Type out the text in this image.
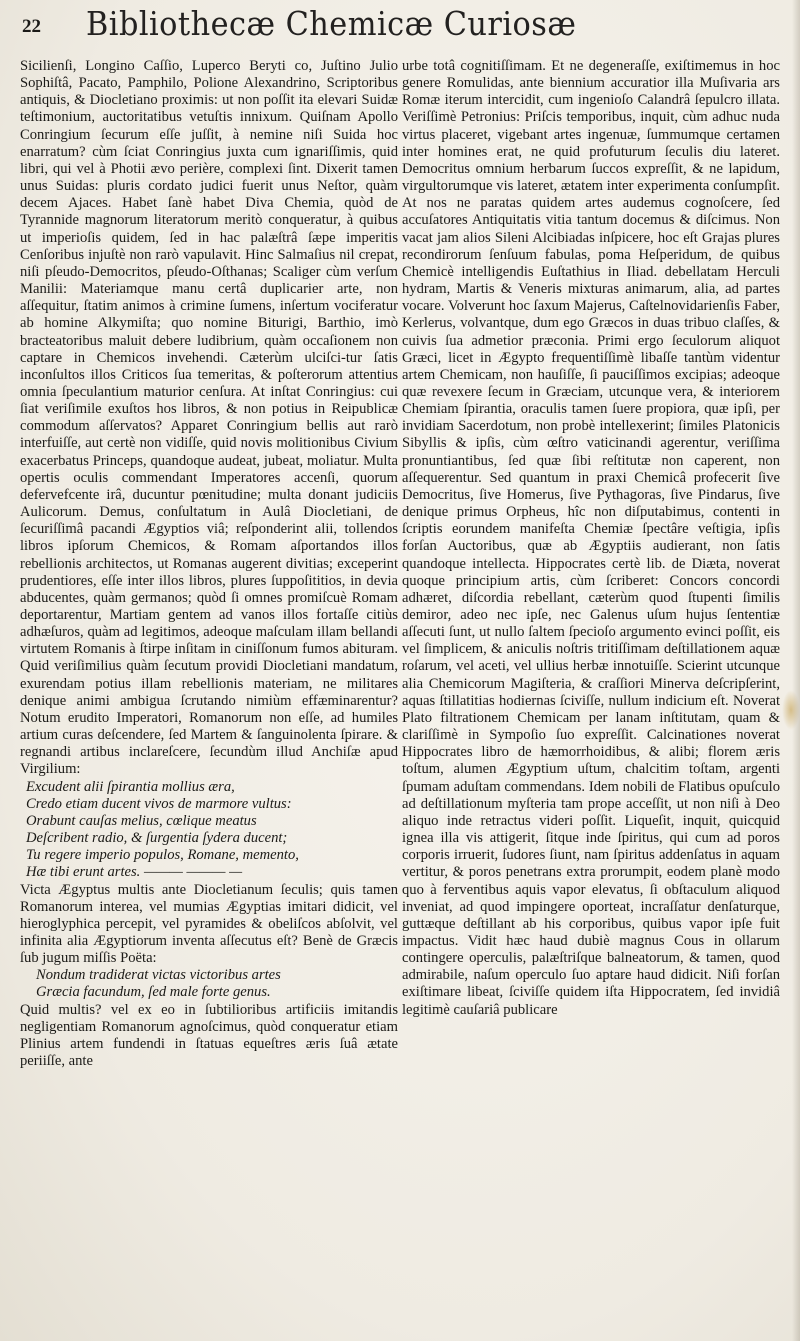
22 Bibliothecæ Chemicæ Curiosæ

Sicilienſi, Longino Caſſio, Luperco Beryti co, Juſtino Julio Sophiſtâ, Pacato, Pamphilo, Polione Alexandrino, Scriptoribus antiquis, & Diocletiano proximis: ut non poſſit ita elevari Suidæ teſtimonium, auctoritatibus vetuſtis innixum. Quiſnam Apollo Conringium ſecurum eſſe juſſit, à nemine niſi Suida hoc enarratum? cùm ſciat Conringius juxta cum ignariſſimis, quid libri, qui vel à Photii ævo perière, complexi ſint. Dixerit tamen unus Suidas: pluris cordato judici fuerit unus Neſtor, quàm decem Ajaces. Habet ſanè habet Diva Chemia, quòd de Tyrannide magnorum literatorum meritò conqueratur, à quibus ut imperioſis quidem, ſed in hac palæſtrâ ſæpe imperitis Cenſoribus injuſtè non rarò vapulavit. Hinc Salmaſius nil crepat, niſi pſeudo-Democritos, pſeudo-Oſthanas; Scaliger cùm verſum Manilii: Materiamque manu certâ duplicarier arte, non aſſequitur, ſtatim animos à crimine ſumens, inſertum vociferatur ab homine Alkymiſta; quo nomine Biturigi, Barthio, imò bracteatoribus maluit debere ludibrium, quàm occaſionem non captare in Chemicos invehendi. Cæterùm ulciſci-tur ſatis inconſultos illos Criticos ſua temeritas, & poſterorum attentius omnia ſpeculantium maturior cenſura. At inſtat Conringius: cui ſiat veriſimile exuſtos hos libros, & non potius in Reipublicæ commodum aſſervatos? Apparet Conringium bellis aut rarò interfuiſſe, aut certè non vidiſſe, quid novis molitionibus Civium exacerbatus Princeps, quandoque audeat, jubeat, moliatur. Multa opertis oculis commendant Imperatores accenſi, quorum defervefcente irâ, ducuntur pœnitudine; multa donant judiciis Aulicorum. Demus, conſultatum in Aulâ Diocletiani, de ſecuriſſimâ pacandi Ægyptios viâ; reſponderint alii, tollendos libros ipſorum Chemicos, & Romam aſportandos illos rebellionis architectos, ut Romanas augerent divitias; exceperint prudentiores, eſſe inter illos libros, plures ſuppoſititios, in devia abducentes, quàm germanos; quòd ſi omnes promiſcuè Romam deportarentur, Martiam gentem ad vanos illos fortaſſe citiùs adhæſuros, quàm ad legitimos, adeoque maſculam illam bellandi virtutem Romanis à ſtirpe inſitam in ciniſſonum fumos abituram. Quid veriſimilius quàm ſecutum providi Diocletiani mandatum, exurendam potius illam rebellionis materiam, ne militares denique animi ambigua ſcrutando nimiùm effæminarentur? Notum erudito Imperatori, Romanorum non eſſe, ad humiles artium curas deſcendere, ſed Martem & ſanguinolenta ſpirare. & regnandi artibus inclareſcere, ſecundùm illud Anchiſæ apud Virgilium:

Excudent alii ſpirantia mollius æra,

Credo etiam ducent vivos de marmore vultus:

Orabunt cauſas melius, cœlique meatus

Deſcribent radio, & ſurgentia ſydera ducent;

Tu regere imperio populos, Romane, memento,

Hæ tibi erunt artes. ——— ——— —

Victa Ægyptus multis ante Diocletianum ſeculis; quis tamen Romanorum interea, vel mumias Ægyptias imitari didicit, vel hieroglyphica percepit, vel pyramides & obeliſcos abſolvit, vel infinita alia Ægyptiorum inventa aſſecutus eſt? Benè de Græcis ſub jugum miſſis Poëta:

Nondum tradiderat victas victoribus artes

Græcia facundum, ſed male forte genus.

Quid multis? vel ex eo in ſubtilioribus artificiis imitandis negligentiam Romanorum agnoſcimus, quòd conqueratur etiam Plinius artem fundendi in ſtatuas equeſtres æris ſuâ ætate periiſſe, ante

urbe totâ cognitiſſimam. Et ne degeneraſſe, exiſtimemus in hoc genere Romulidas, ante biennium accuratior illa Muſivaria ars Romæ iterum intercidit, cum ingenioſo Calandrâ ſepulcro illata. Veriſſimè Petronius: Priſcis temporibus, inquit, cùm adhuc nuda virtus placeret, vigebant artes ingenuæ, ſummumque certamen inter homines erat, ne quid profuturum ſeculis diu lateret. Democritus omnium herbarum ſuccos expreſſit, & ne lapidum, virgultorumque vis lateret, ætatem inter experimenta conſumpſit. At nos ne paratas quidem artes audemus cognoſcere, ſed accuſatores Antiquitatis vitia tantum docemus & diſcimus. Non vacat jam alios Sileni Alcibiadas inſpicere, hoc eſt Grajas plures recondirorum ſenſuum fabulas, poma Heſperidum, de quibus Chemicè intelligendis Euſtathius in Iliad. debellatam Herculi hydram, Martis & Veneris mixturas animarum, alia, ad partes vocare. Volverunt hoc ſaxum Majerus, Caſtelnovidarienſis Faber, Kerlerus, volvantque, dum ego Græcos in duas tribuo claſſes, & cuivis ſua admetior præconia. Primi ergo ſeculorum aliquot Græci, licet in Ægypto frequentiſſimè libaſſe tantùm videntur artem Chemicam, non hauſiſſe, ſi pauciſſimos excipias; adeoque quæ revexere ſecum in Græciam, utcunque vera, & interiorem Chemiam ſpirantia, oraculis tamen ſuere propiora, quæ ipſi, per invidiam Sacerdotum, non probè intellexerint; ſimiles Platonicis Sibyllis & ipſis, cùm œſtro vaticinandi agerentur, veriſſima pronuntiantibus, ſed quæ ſibi reſtitutæ non caperent, non aſſequerentur. Sed quantum in praxi Chemicâ profecerit ſive Democritus, ſive Homerus, ſive Pythagoras, ſive Pindarus, ſive denique primus Orpheus, hîc non diſputabimus, contenti in ſcriptis eorundem manifeſta Chemiæ ſpectâre veſtigia, ipſis forſan Auctoribus, quæ ab Ægyptiis audierant, non ſatis quandoque intellecta. Hippocrates certè lib. de Diæta, noverat quoque principium artis, cùm ſcriberet: Concors concordi adhæret, diſcordia rebellant, cæterùm quod ſtupenti ſimilis demiror, adeo nec ipſe, nec Galenus uſum hujus ſententiæ aſſecuti ſunt, ut nullo ſaltem ſpecioſo argumento evinci poſſit, eis vel ſimplicem, & aniculis noſtris tritiſſimam deſtillationem aquæ roſarum, vel aceti, vel ullius herbæ innotuiſſe. Scierint utcunque alia Chemicorum Magiſteria, & craſſiori Minerva deſcripſerint, aquas ſtillatitias hodiernas ſciviſſe, nullum indicium eſt. Noverat Plato filtrationem Chemicam per lanam inſtitutam, quam & clariſſimè in Sympoſio ſuo expreſſit. Calcinationes noverat Hippocrates libro de hæmorrhoidibus, & alibi; florem æris toſtum, alumen Ægyptium uſtum, chalcitim toſtam, argenti ſpumam aduſtam commendans. Idem nobili de Flatibus opuſculo ad deſtillationum myſteria tam prope acceſſit, ut non niſi à Deo aliquo inde retractus videri poſſit. Liqueſit, inquit, quicquid ignea illa vis attigerit, ſitque inde ſpiritus, qui cum ad poros corporis irruerit, ſudores ſiunt, nam ſpiritus addenſatus in aquam vertitur, & poros penetrans extra prorumpit, eodem planè modo quo à ferventibus aquis vapor elevatus, ſi obſtaculum aliquod inveniat, ad quod impingere oporteat, incraſſatur denſaturque, guttæque deſtillant ab his corporibus, quibus vapor ipſe fuit impactus. Vidit hæc haud dubiè magnus Cous in ollarum contingere operculis, palæſtriſque balneatorum, & tamen, quod admirabile, naſum operculo ſuo aptare haud didicit. Niſi forſan exiſtimare libeat, ſciviſſe quidem iſta Hippocratem, ſed invidiâ legitimè cauſariâ publicare
